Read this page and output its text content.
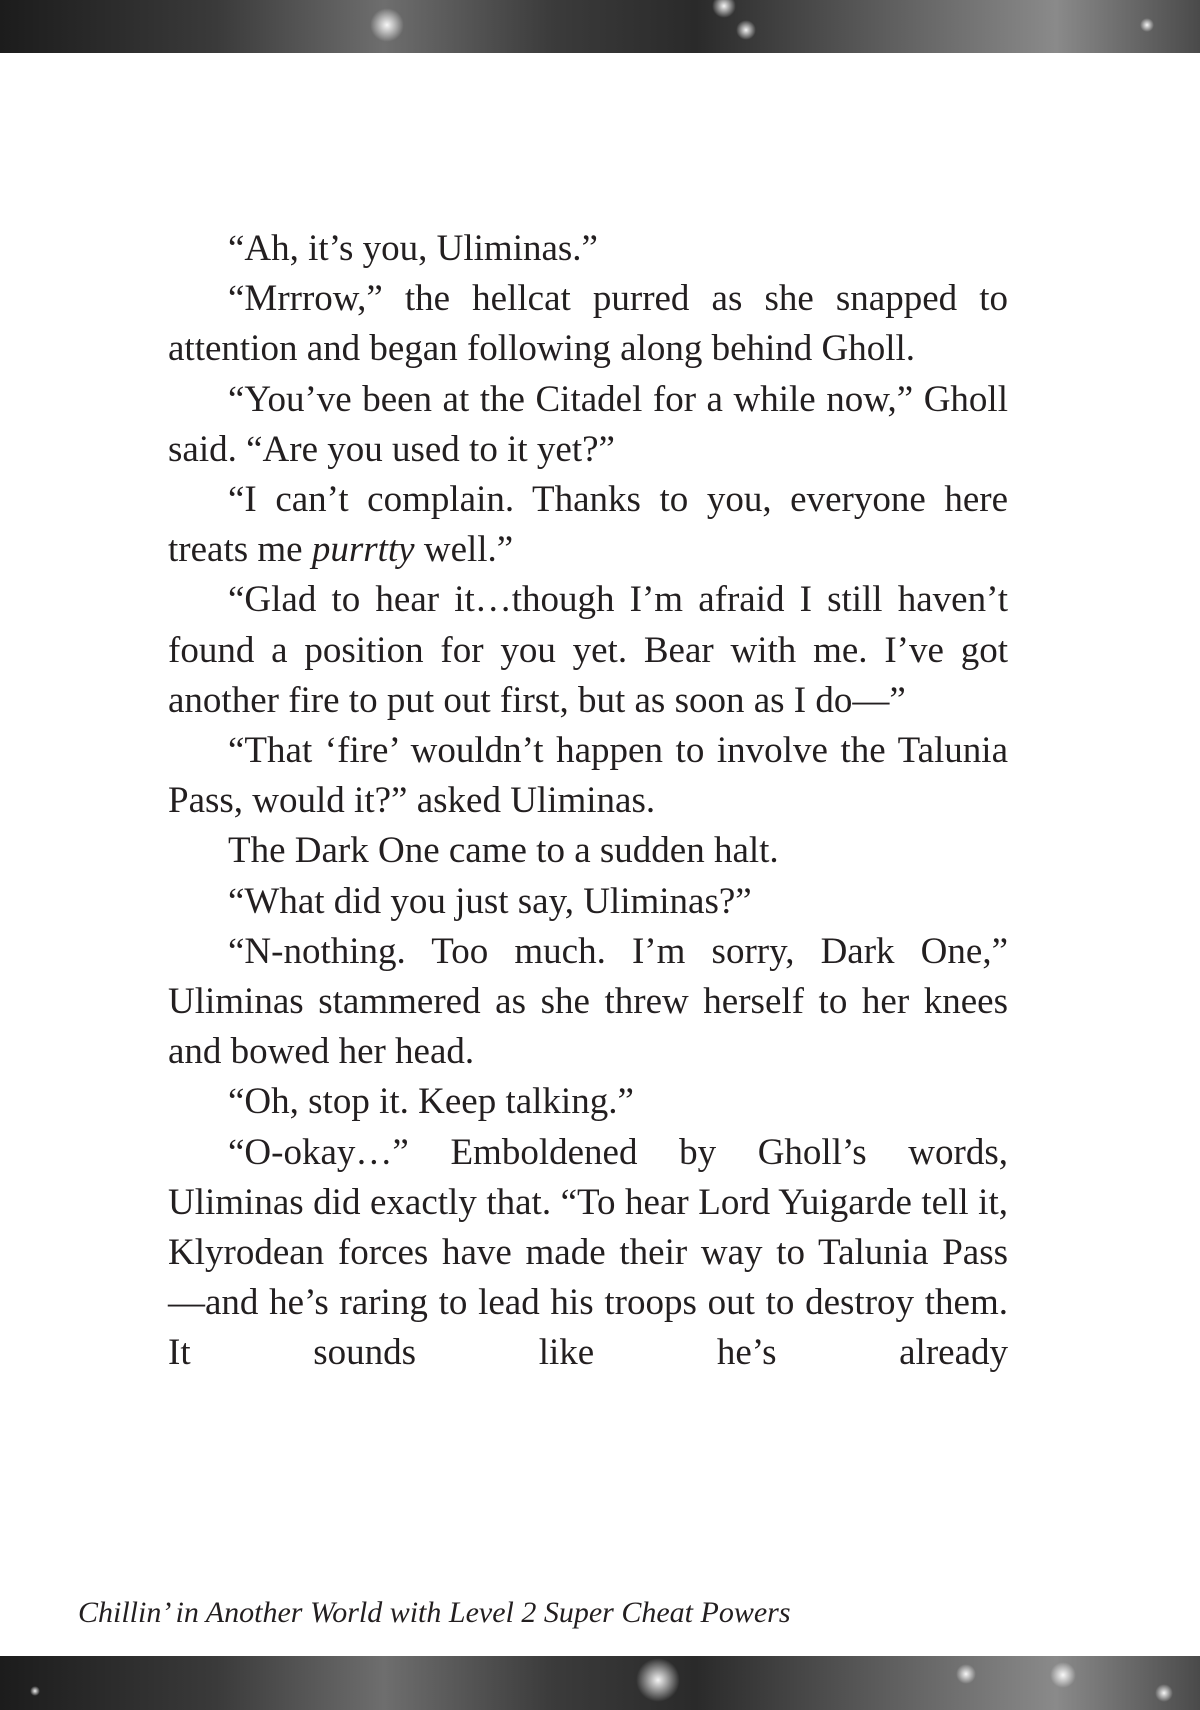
“Ah, it’s you, Uliminas.”

“Mrrrow,” the hellcat purred as she snapped to attention and began following along behind Gholl.

“You’ve been at the Citadel for a while now,” Gholl said. “Are you used to it yet?”

“I can’t complain. Thanks to you, everyone here treats me purrtty well.”

“Glad to hear it…though I’m afraid I still haven’t found a position for you yet. Bear with me. I’ve got another fire to put out first, but as soon as I do—”

“That ‘fire’ wouldn’t happen to involve the Talunia Pass, would it?” asked Uliminas.

The Dark One came to a sudden halt.

“What did you just say, Uliminas?”

“N-nothing. Too much. I’m sorry, Dark One,” Uliminas stammered as she threw herself to her knees and bowed her head.

“Oh, stop it. Keep talking.”

“O-okay…” Emboldened by Gholl’s words, Uliminas did exactly that. “To hear Lord Yuigarde tell it, Klyrodean forces have made their way to Talunia Pass—and he’s raring to lead his troops out to destroy them. It sounds like he’s already

Chillin’ in Another World with Level 2 Super Cheat Powers
